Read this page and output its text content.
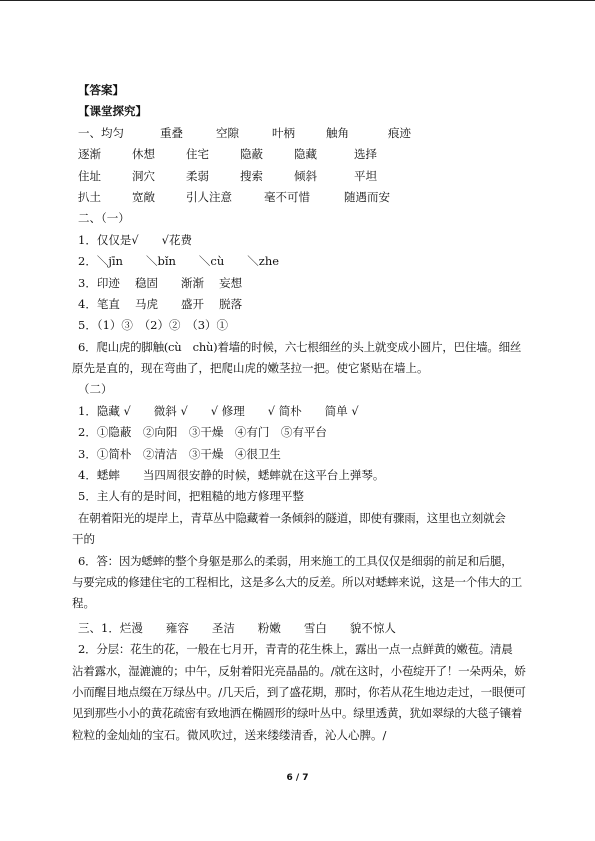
【答案】
【课堂探究】
一、均匀	重叠	空隙	叶柄	触角	痕迹
逐渐	休想	住宅	隐蔽	隐藏	选择
住址	洞穴	柔弱	搜索	倾斜	平坦
扒土	宽敞	引人注意	毫不可惜	随遇而安
二、（一）
1．仅仅是√　　√花费
2．＼jīn　　＼bǐn　　＼cù　　＼zhe
3．印迹　 稳固　　渐渐　 妄想
4．笔直　 马虎　　盛开　 脱落
5．（1）③　（2）②　（3）①
6．爬山虎的脚触(cù　chù)着墙的时候，六七根细丝的头上就变成小圆片，巴住墙。细丝
原先是直的，现在弯曲了，把爬山虎的嫩茎拉一把。使它紧贴在墙上。
（二）
1．隐藏 √　　微斜 √　　√ 修理　　√ 简朴　　简单 √
2．①隐蔽　②向阳　③干燥　④有门　⑤有平台
3．①简朴　②清洁　③干燥　④很卫生
4．蟋蟀　　当四周很安静的时候，蟋蟀就在这平台上弹琴。
5．主人有的是时间，把粗糙的地方修理平整
在朝着阳光的堤岸上，青草丛中隐藏着一条倾斜的隧道，即使有骤雨，这里也立刻就会
干的
6．答：因为蟋蟀的整个身躯是那么的柔弱，用来施工的工具仅仅是细弱的前足和后腿，
与要完成的修建住宅的工程相比，这是多么大的反差。所以对蟋蟀来说，这是一个伟大的工
程。
三、1．烂漫　　雍容　　圣洁　　粉嫩　　雪白　　貌不惊人
2．分层：花生的花，一般在七月开，青青的花生株上，露出一点一点鲜黄的嫩苞。清晨
沾着露水，湿漉漉的；中午，反射着阳光亮晶晶的。/就在这时，小苞绽开了！一朵两朵，娇
小而醒目地点缀在万绿丛中。/几天后，到了盛花期，那时，你若从花生地边走过，一眼便可
见到那些小小的黄花疏密有致地洒在椭圆形的绿叶丛中。绿里透黄，犹如翠绿的大毯子镶着
粒粒的金灿灿的宝石。微风吹过，送来缕缕清香，沁人心脾。/
6 / 7
